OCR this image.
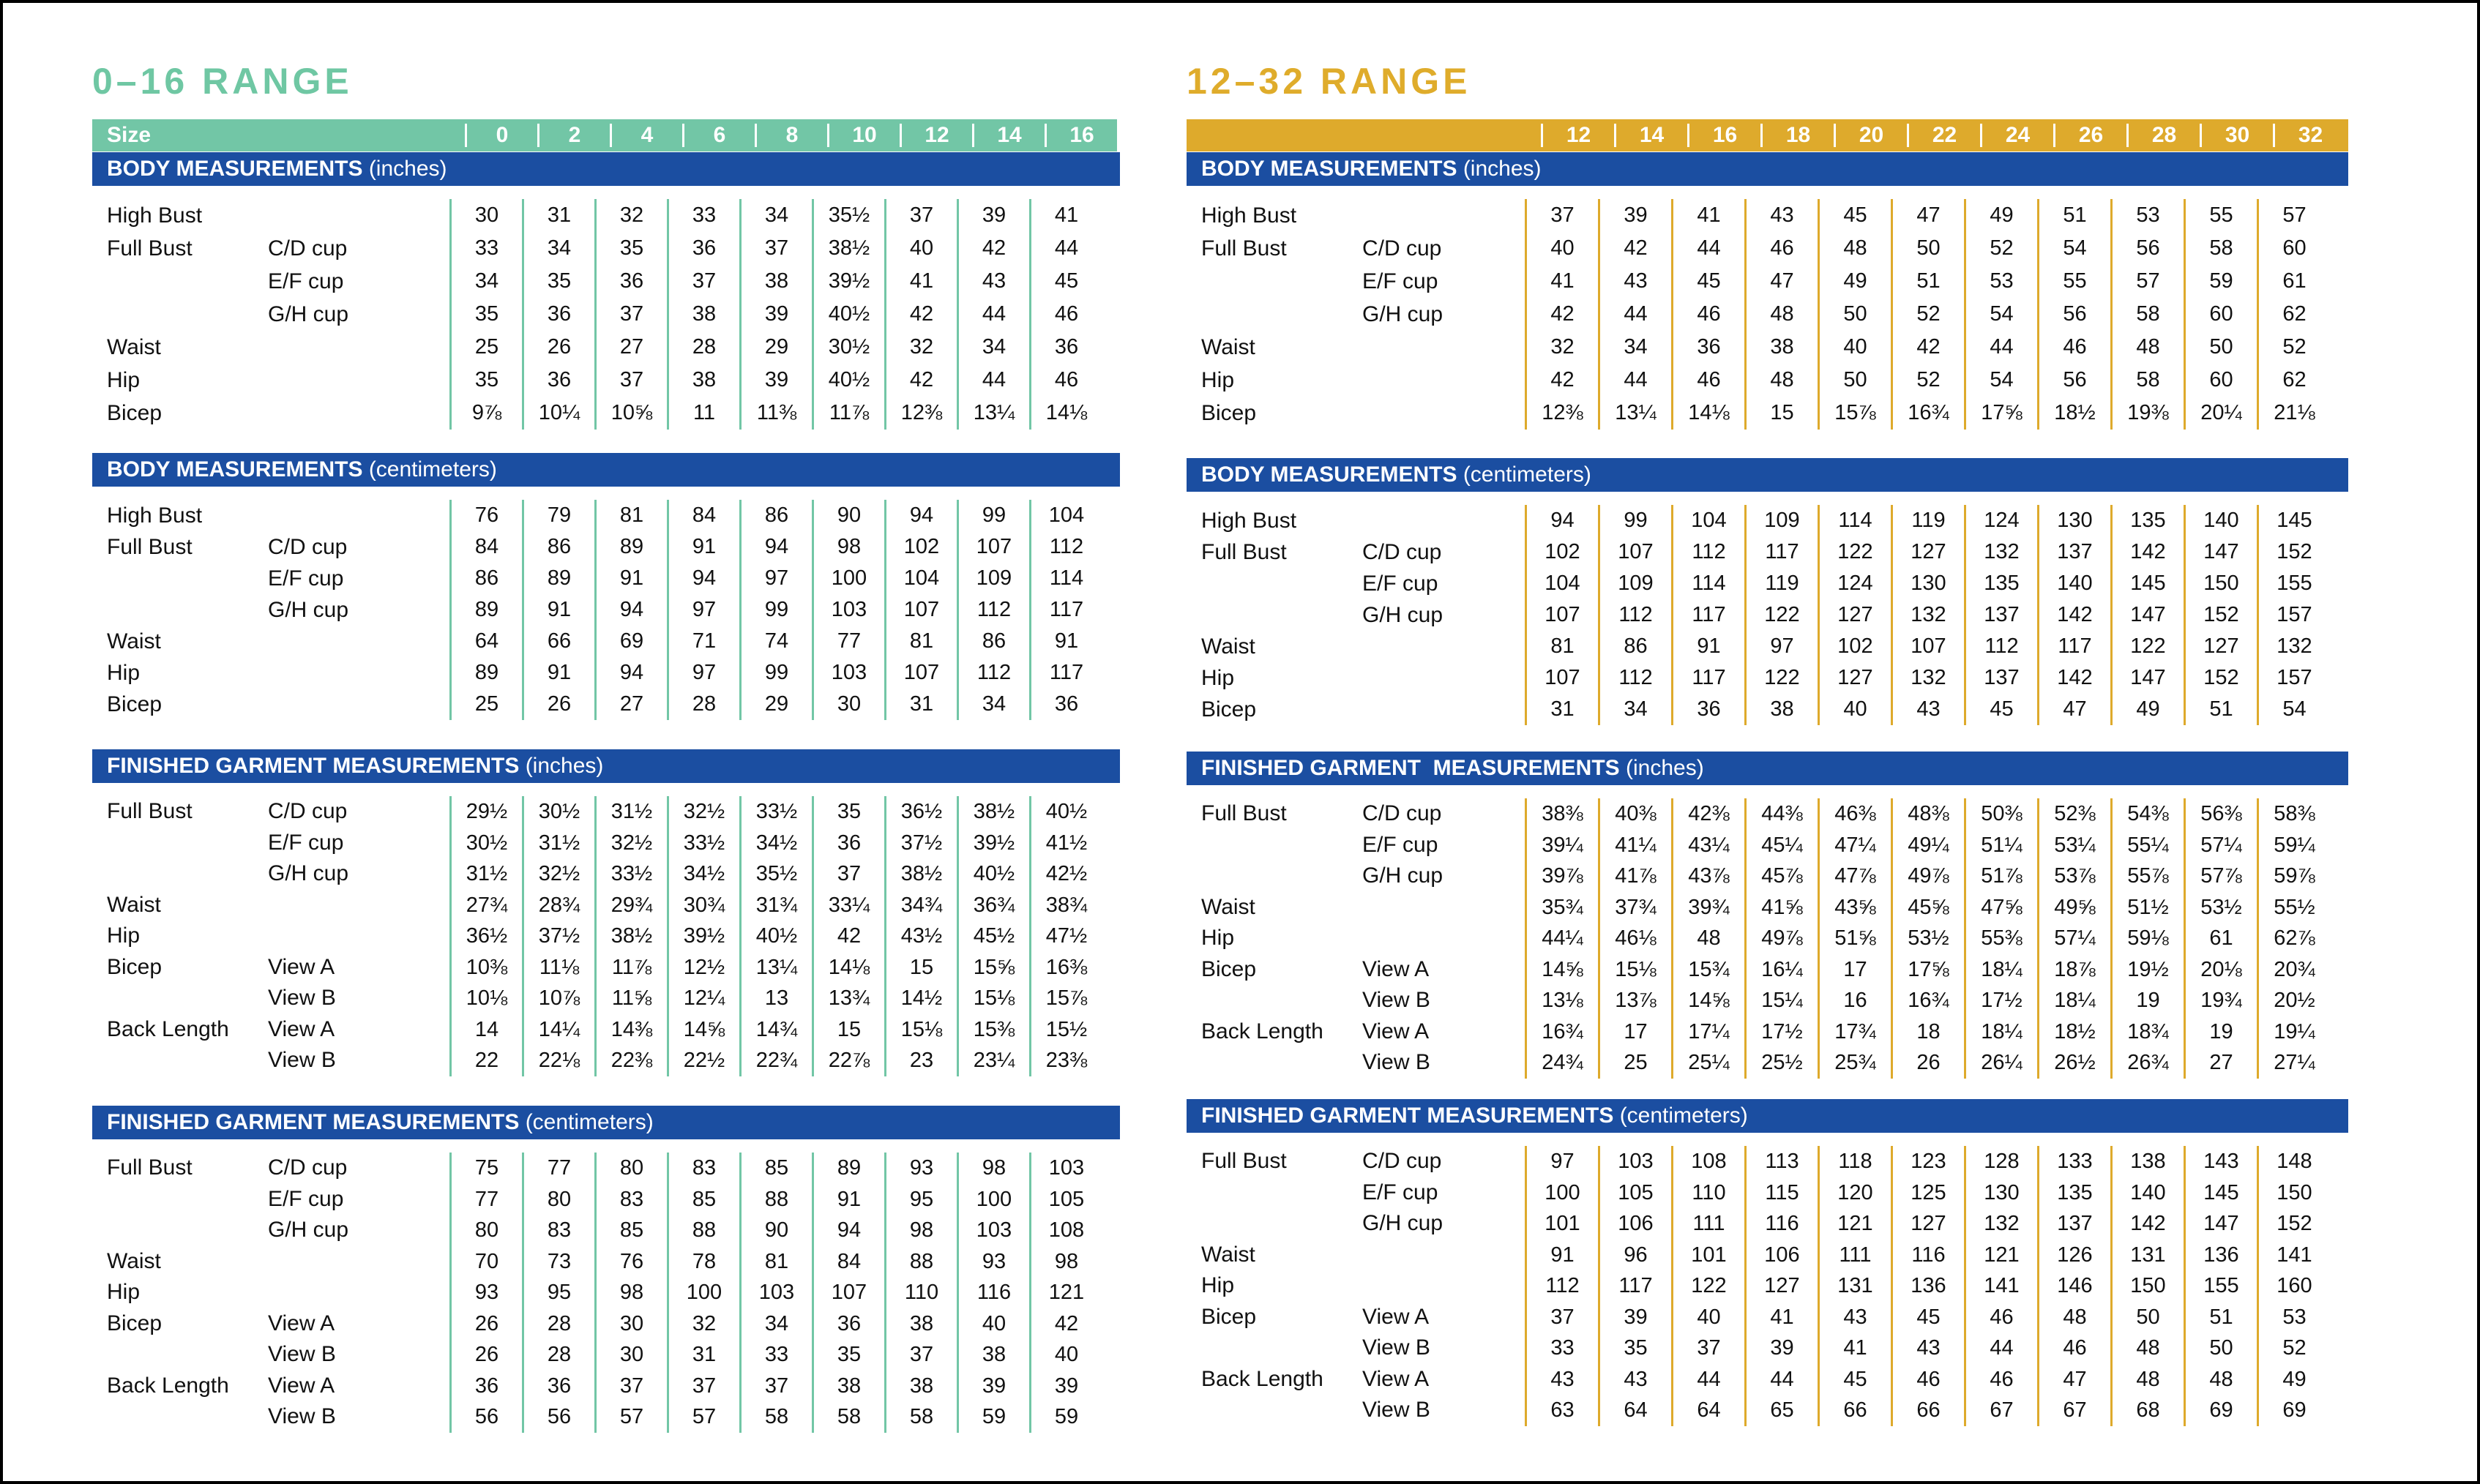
0–16 RANGE
Size	0	2	4	6	8	10	12	14	16
BODY MEASUREMENTS (inches)
High Bust	30	31	32	33	34	35½	37	39	41
Full Bust	C/D cup	33	34	35	36	37	38½	40	42	44
E/F cup	34	35	36	37	38	39½	41	43	45
G/H cup	35	36	37	38	39	40½	42	44	46
Waist	25	26	27	28	29	30½	32	34	36
Hip	35	36	37	38	39	40½	42	44	46
Bicep	9⅞	10¼	10⅝	11	11⅜	11⅞	12⅜	13¼	14⅛
BODY MEASUREMENTS (centimeters)
High Bust	76	79	81	84	86	90	94	99	104
Full Bust	C/D cup	84	86	89	91	94	98	102	107	112
E/F cup	86	89	91	94	97	100	104	109	114
G/H cup	89	91	94	97	99	103	107	112	117
Waist	64	66	69	71	74	77	81	86	91
Hip	89	91	94	97	99	103	107	112	117
Bicep	25	26	27	28	29	30	31	34	36
FINISHED GARMENT MEASUREMENTS (inches)
Full Bust	C/D cup	29½	30½	31½	32½	33½	35	36½	38½	40½
E/F cup	30½	31½	32½	33½	34½	36	37½	39½	41½
G/H cup	31½	32½	33½	34½	35½	37	38½	40½	42½
Waist	27¾	28¾	29¾	30¾	31¾	33¼	34¾	36¾	38¾
Hip	36½	37½	38½	39½	40½	42	43½	45½	47½
Bicep	View A	10⅜	11⅛	11⅞	12½	13¼	14⅛	15	15⅝	16⅜
View B	10⅛	10⅞	11⅝	12¼	13	13¾	14½	15⅛	15⅞
Back Length	View A	14	14¼	14⅜	14⅝	14¾	15	15⅛	15⅜	15½
View B	22	22⅛	22⅜	22½	22¾	22⅞	23	23¼	23⅜
FINISHED GARMENT MEASUREMENTS (centimeters)
Full Bust	C/D cup	75	77	80	83	85	89	93	98	103
E/F cup	77	80	83	85	88	91	95	100	105
G/H cup	80	83	85	88	90	94	98	103	108
Waist	70	73	76	78	81	84	88	93	98
Hip	93	95	98	100	103	107	110	116	121
Bicep	View A	26	28	30	32	34	36	38	40	42
View B	26	28	30	31	33	35	37	38	40
Back Length	View A	36	36	37	37	37	38	38	39	39
View B	56	56	57	57	58	58	58	59	59
12–32 RANGE
12	14	16	18	20	22	24	26	28	30	32
BODY MEASUREMENTS (inches)
High Bust	37	39	41	43	45	47	49	51	53	55	57
Full Bust	C/D cup	40	42	44	46	48	50	52	54	56	58	60
E/F cup	41	43	45	47	49	51	53	55	57	59	61
G/H cup	42	44	46	48	50	52	54	56	58	60	62
Waist	32	34	36	38	40	42	44	46	48	50	52
Hip	42	44	46	48	50	52	54	56	58	60	62
Bicep	12⅜	13¼	14⅛	15	15⅞	16¾	17⅝	18½	19⅜	20¼	21⅛
BODY MEASUREMENTS (centimeters)
High Bust	94	99	104	109	114	119	124	130	135	140	145
Full Bust	C/D cup	102	107	112	117	122	127	132	137	142	147	152
E/F cup	104	109	114	119	124	130	135	140	145	150	155
G/H cup	107	112	117	122	127	132	137	142	147	152	157
Waist	81	86	91	97	102	107	112	117	122	127	132
Hip	107	112	117	122	127	132	137	142	147	152	157
Bicep	31	34	36	38	40	43	45	47	49	51	54
FINISHED GARMENT  MEASUREMENTS (inches)
Full Bust	C/D cup	38⅜	40⅜	42⅜	44⅜	46⅜	48⅜	50⅜	52⅜	54⅜	56⅜	58⅜
E/F cup	39¼	41¼	43¼	45¼	47¼	49¼	51¼	53¼	55¼	57¼	59¼
G/H cup	39⅞	41⅞	43⅞	45⅞	47⅞	49⅞	51⅞	53⅞	55⅞	57⅞	59⅞
Waist	35¾	37¾	39¾	41⅝	43⅝	45⅝	47⅝	49⅝	51½	53½	55½
Hip	44¼	46⅛	48	49⅞	51⅝	53½	55⅜	57¼	59⅛	61	62⅞
Bicep	View A	14⅝	15⅛	15¾	16¼	17	17⅝	18¼	18⅞	19½	20⅛	20¾
View B	13⅛	13⅞	14⅝	15¼	16	16¾	17½	18¼	19	19¾	20½
Back Length	View A	16¾	17	17¼	17½	17¾	18	18¼	18½	18¾	19	19¼
View B	24¾	25	25¼	25½	25¾	26	26¼	26½	26¾	27	27¼
FINISHED GARMENT MEASUREMENTS (centimeters)
Full Bust	C/D cup	97	103	108	113	118	123	128	133	138	143	148
E/F cup	100	105	110	115	120	125	130	135	140	145	150
G/H cup	101	106	111	116	121	127	132	137	142	147	152
Waist	91	96	101	106	111	116	121	126	131	136	141
Hip	112	117	122	127	131	136	141	146	150	155	160
Bicep	View A	37	39	40	41	43	45	46	48	50	51	53
View B	33	35	37	39	41	43	44	46	48	50	52
Back Length	View A	43	43	44	44	45	46	46	47	48	48	49
View B	63	64	64	65	66	66	67	67	68	69	69
